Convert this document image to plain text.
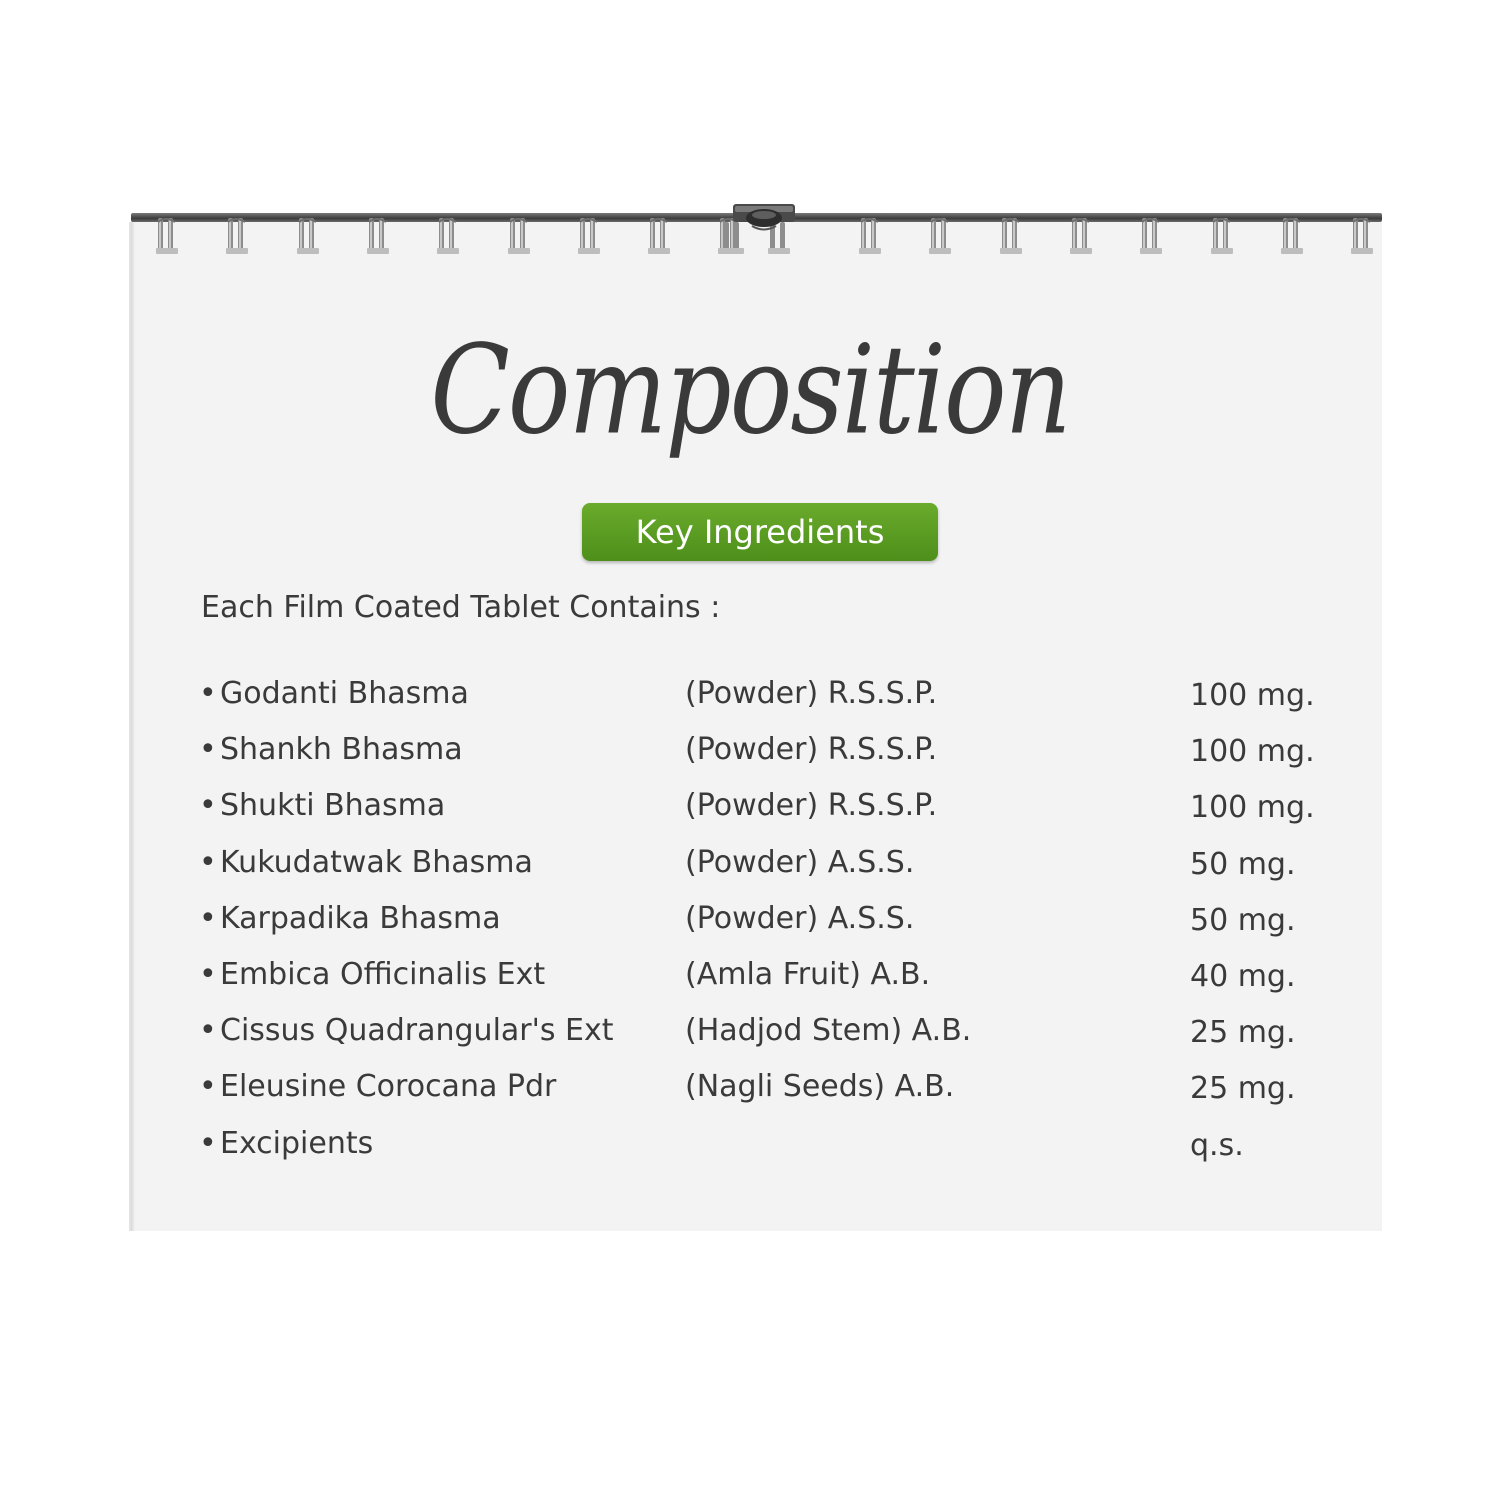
Composition
Key Ingredients
Each Film Coated Tablet Contains :
• Godanti Bhasma	(Powder) R.S.S.P.	100 mg.
• Shankh Bhasma	(Powder) R.S.S.P.	100 mg.
• Shukti Bhasma	(Powder) R.S.S.P.	100 mg.
• Kukudatwak Bhasma	(Powder) A.S.S.	50 mg.
• Karpadika Bhasma	(Powder) A.S.S.	50 mg.
• Embica Officinalis Ext	(Amla Fruit) A.B.	40 mg.
• Cissus Quadrangular's Ext (Hadjod Stem) A.B.	25 mg.
• Eleusine Corocana Pdr	(Nagli Seeds) A.B.	25 mg.
• Excipients	q.s.
